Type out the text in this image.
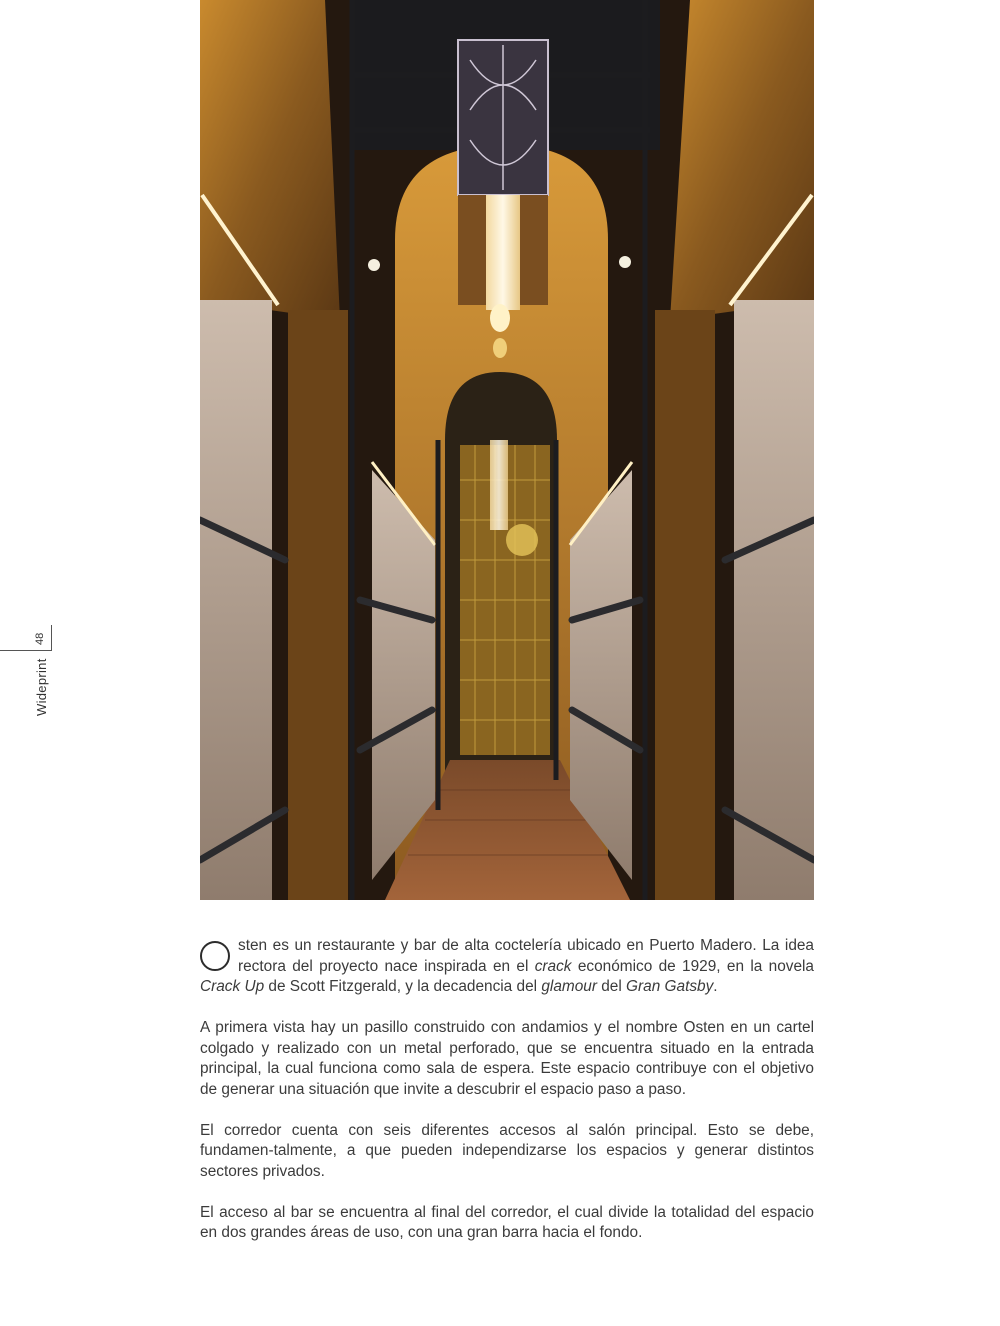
Wideprint
48

sten es un restaurante y bar de alta coctelería ubicado en Puerto Madero. La idea rectora del proyecto nace inspirada en el crack económico de 1929, en la novela Crack Up de Scott Fitzgerald, y la decadencia del glamour del Gran Gatsby.

A primera vista hay un pasillo construido con andamios y el nombre Osten en un cartel colgado y realizado con un metal perforado, que se encuentra situado en la entrada principal, la cual funciona como sala de espera. Este espacio contribuye con el objetivo de generar una situación que invite a descubrir el espacio paso a paso.

El corredor cuenta con seis diferentes accesos al salón principal. Esto se debe, fundamen-talmente, a que pueden independizarse los espacios y generar distintos sectores privados.

El acceso al bar se encuentra al final del corredor, el cual divide la totalidad del espacio en dos grandes áreas de uso, con una gran barra hacia el fondo.
